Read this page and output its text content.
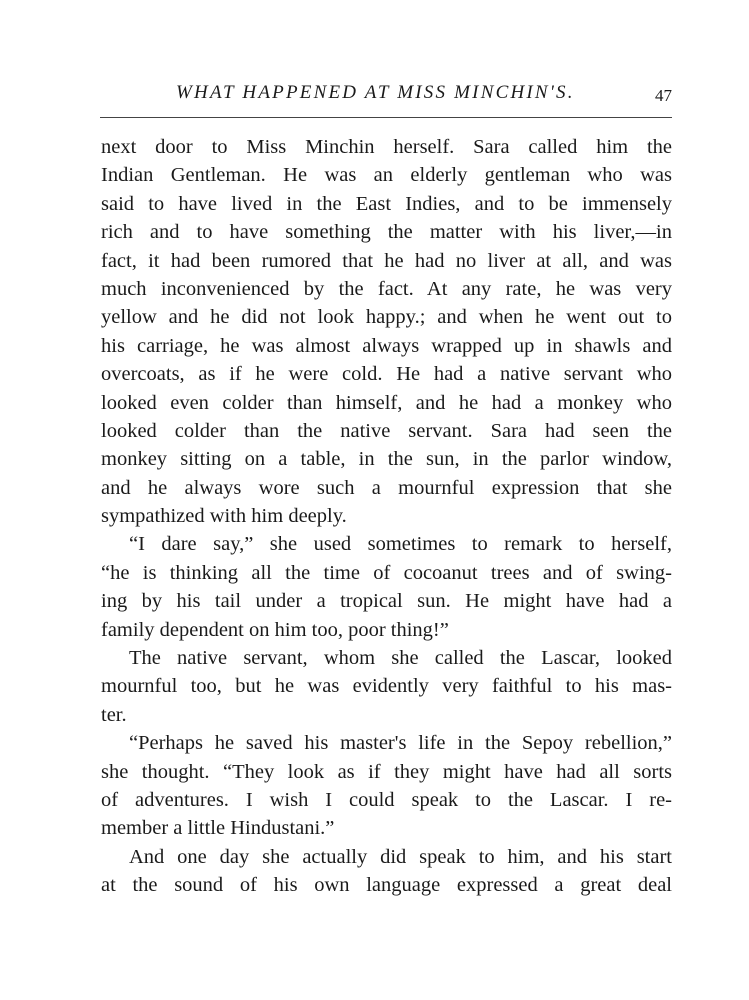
WHAT HAPPENED AT MISS MINCHIN'S.	47
next door to Miss Minchin herself. Sara called him the
Indian Gentleman. He was an elderly gentleman who was
said to have lived in the East Indies, and to be immensely
rich and to have something the matter with his liver,—in
fact, it had been rumored that he had no liver at all, and was
much inconvenienced by the fact. At any rate, he was very
yellow and he did not look happy.; and when he went out to
his carriage, he was almost always wrapped up in shawls and
overcoats, as if he were cold. He had a native servant who
looked even colder than himself, and he had a monkey who
looked colder than the native servant. Sara had seen the
monkey sitting on a table, in the sun, in the parlor window,
and he always wore such a mournful expression that she
sympathized with him deeply.
“I dare say,” she used sometimes to remark to herself,
“he is thinking all the time of cocoanut trees and of swing-
ing by his tail under a tropical sun. He might have had a
family dependent on him too, poor thing!”
The native servant, whom she called the Lascar, looked
mournful too, but he was evidently very faithful to his mas-
ter.
“Perhaps he saved his master's life in the Sepoy rebellion,”
she thought. “They look as if they might have had all sorts
of adventures. I wish I could speak to the Lascar. I re-
member a little Hindustani.”
And one day she actually did speak to him, and his start
at the sound of his own language expressed a great deal
